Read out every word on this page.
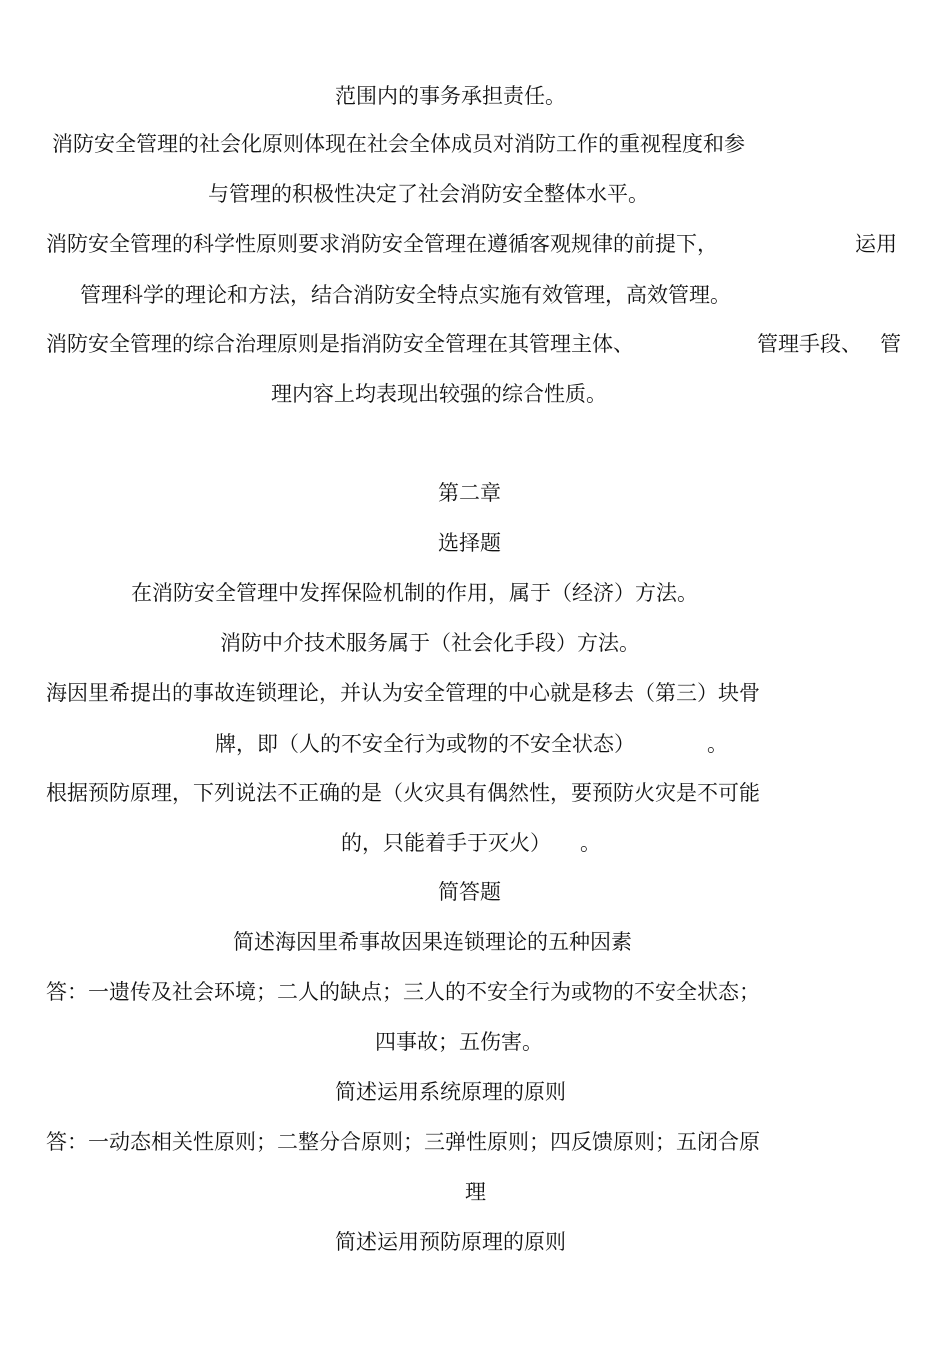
范围内的事务承担责任。
消防安全管理的社会化原则体现在社会全体成员对消防工作的重视程度和参
与管理的积极性决定了社会消防安全整体水平。
消防安全管理的科学性原则要求消防安全管理在遵循客观规律的前提下，	运用
管理科学的理论和方法，结合消防安全特点实施有效管理，高效管理。
消防安全管理的综合治理原则是指消防安全管理在其管理主体、	管理手段、 管
理内容上均表现出较强的综合性质。
第二章
选择题
在消防安全管理中发挥保险机制的作用，属于（经济）方法。
消防中介技术服务属于（社会化手段）方法。
海因里希提出的事故连锁理论，并认为安全管理的中心就是移去（第三）块骨
牌，即（人的不安全行为或物的不安全状态）	。
根据预防原理，下列说法不正确的是（火灾具有偶然性，要预防火灾是不可能
的，只能着手于灭火） 。
简答题
简述海因里希事故因果连锁理论的五种因素
答：一遗传及社会环境；二人的缺点；三人的不安全行为或物的不安全状态；
四事故；五伤害。
简述运用系统原理的原则
答：一动态相关性原则；二整分合原则；三弹性原则；四反馈原则；五闭合原
理
简述运用预防原理的原则
